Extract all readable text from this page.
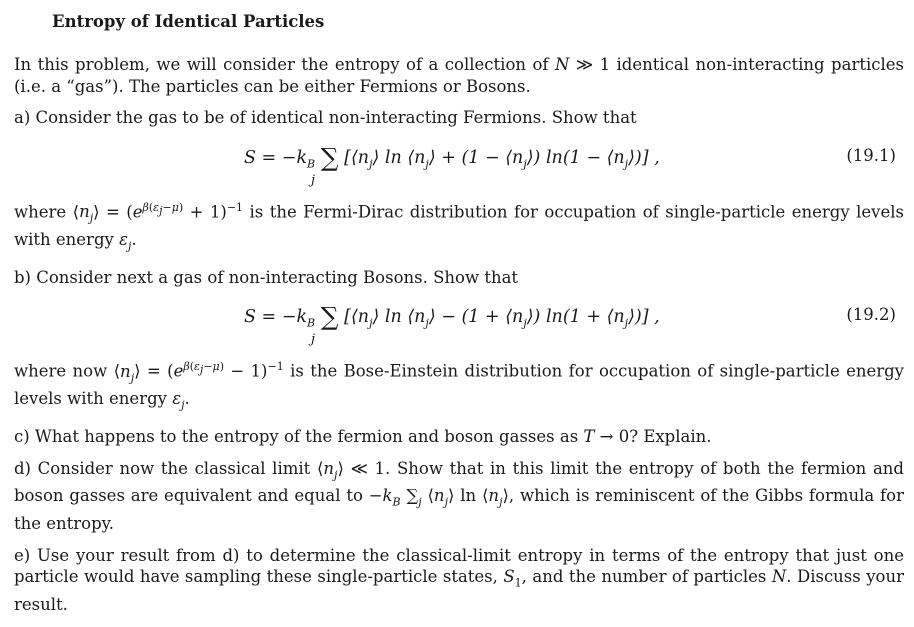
Entropy of Identical Particles

In this problem, we will consider the entropy of a collection of N ≫ 1 identical non-interacting particles (i.e. a “gas”). The particles can be either Fermions or Bosons.

a) Consider the gas to be of identical non-interacting Fermions. Show that

$S = -k_B$ ∑ [$⟨n_j⟩$ $\ln ⟨n_j⟩ + (1$ − $⟨n_j⟩$) $\ln(1 - ⟨n_j⟩)$] ,
j
(19.1)

where $⟨n_j⟩ = (e^{\beta(\varepsilon_j-\mu)} + 1)^{-1}$ is the Fermi-Dirac distribution for occupation of single-particle energy levels with energy $\varepsilon_j$.

b) Consider next a gas of non-interacting Bosons. Show that

$S = -k_B$ ∑ [$⟨n_j⟩$ $\ln ⟨n_j⟩ - (1$ + $⟨n_j⟩$) $\ln(1 + ⟨n_j⟩)$] ,
j
(19.2)

where now $⟨n_j⟩ = (e^{\beta(\varepsilon_j-\mu)} - 1)^{-1}$ is the Bose-Einstein distribution for occupation of single-particle energy levels with energy $\varepsilon_j$.

c) What happens to the entropy of the fermion and boson gasses as T → 0? Explain.

d) Consider now the classical limit $⟨n_j⟩$ ≪ 1. Show that in this limit the entropy of both the fermion and boson gasses are equivalent and equal to $-k_B$ $\sum_j$ $⟨n_j⟩$ $\ln ⟨n_j⟩$, which is reminiscent of the Gibbs formula for the entropy.

e) Use your result from d) to determine the classical-limit entropy in terms of the entropy that just one particle would have sampling these single-particle states, $S_1$, and the number of particles N. Discuss your result.
